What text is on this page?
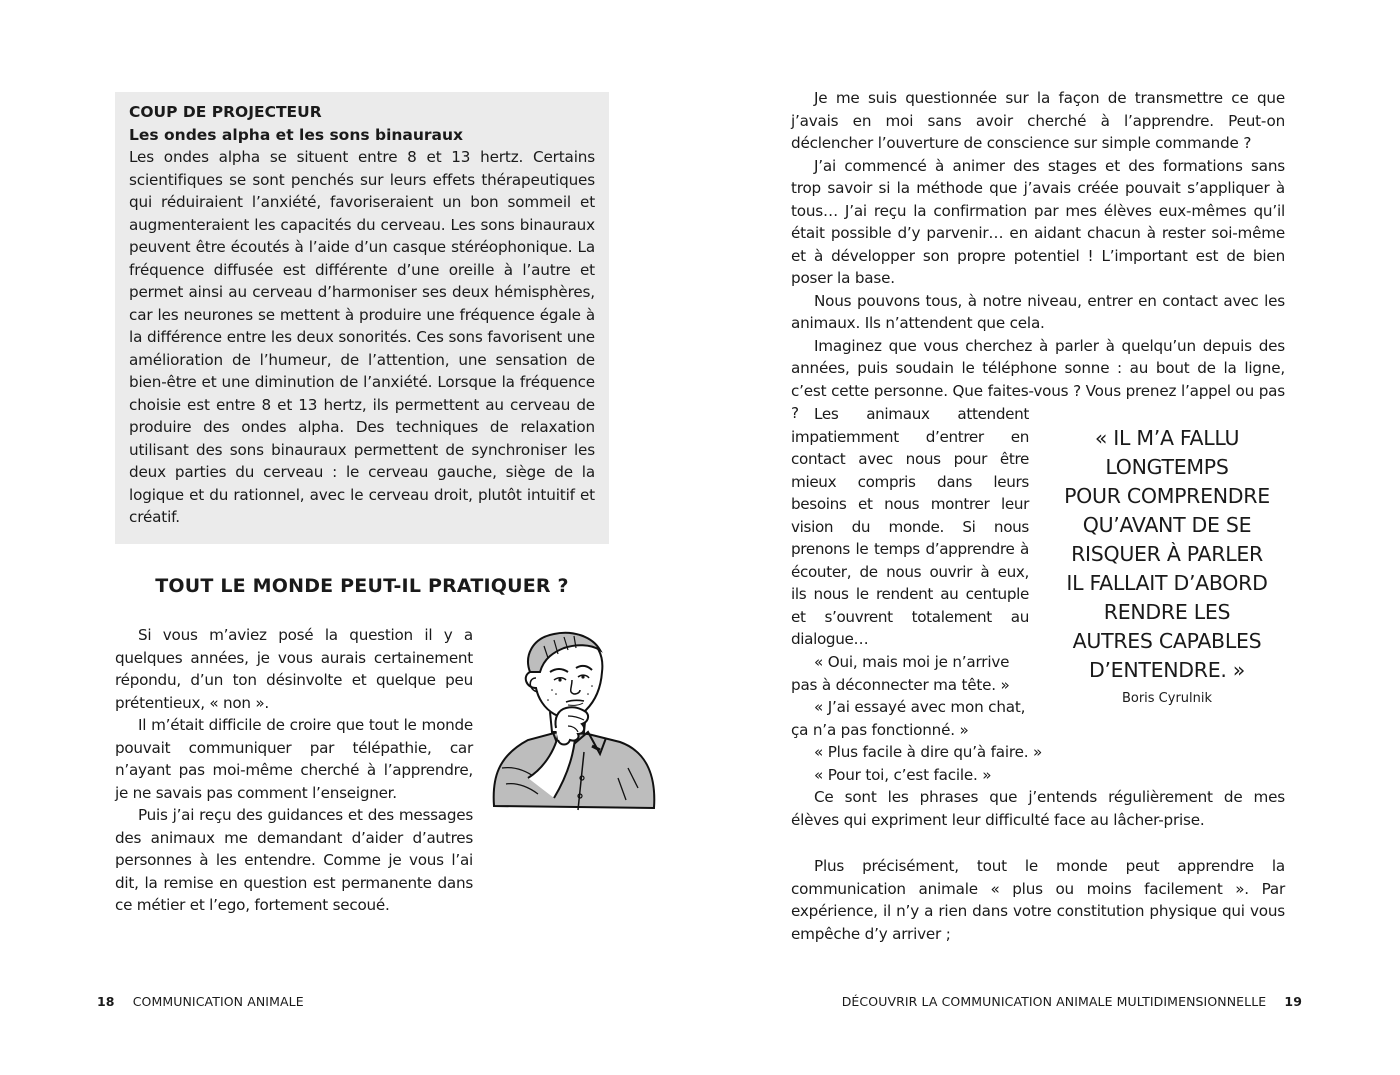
COUP DE PROJECTEUR
Les ondes alpha et les sons binauraux
Les ondes alpha se situent entre 8 et 13 hertz. Certains scientifiques se sont penchés sur leurs effets thérapeutiques qui réduiraient l’anxiété, favoriseraient un bon sommeil et augmenteraient les capacités du cerveau. Les sons binauraux peuvent être écoutés à l’aide d’un casque stéréophonique. La fréquence diffusée est différente d’une oreille à l’autre et permet ainsi au cerveau d’harmoniser ses deux hémisphères, car les neurones se mettent à produire une fréquence égale à la différence entre les deux sonorités. Ces sons favorisent une amélioration de l’humeur, de l’attention, une sensation de bien-être et une diminution de l’anxiété. Lorsque la fréquence choisie est entre 8 et 13 hertz, ils permettent au cerveau de produire des ondes alpha. Des techniques de relaxation utilisant des sons binauraux permettent de synchroniser les deux parties du cerveau : le cerveau gauche, siège de la logique et du rationnel, avec le cerveau droit, plutôt intuitif et créatif.
TOUT LE MONDE PEUT-IL PRATIQUER ?

Si vous m’aviez posé la question il y a quelques années, je vous aurais certainement répondu, d’un ton désinvolte et quelque peu prétentieux, « non ».

Il m’était difficile de croire que tout le monde pouvait communiquer par télépathie, car n’ayant pas moi-même cherché à l’apprendre, je ne savais pas comment l’enseigner.

Puis j’ai reçu des guidances et des messages des animaux me demandant d’aider d’autres personnes à les entendre. Comme je vous l’ai dit, la remise en question est permanente dans ce métier et l’ego, fortement secoué.

18 COMMUNICATION ANIMALE

Je me suis questionnée sur la façon de transmettre ce que j’avais en moi sans avoir cherché à l’apprendre. Peut-on déclencher l’ouverture de conscience sur simple commande ?

J’ai commencé à animer des stages et des formations sans trop savoir si la méthode que j’avais créée pouvait s’appliquer à tous… J’ai reçu la confirmation par mes élèves eux-mêmes qu’il était possible d’y parvenir… en aidant chacun à rester soi-même et à développer son propre potentiel ! L’important est de bien poser la base.

Nous pouvons tous, à notre niveau, entrer en contact avec les animaux. Ils n’attendent que cela.

Imaginez que vous cherchez à parler à quelqu’un depuis des années, puis soudain le téléphone sonne : au bout de la ligne, c’est cette personne. Que faites-vous ? Vous prenez l’appel ou pas ? Les animaux attendent impatiemment d’entrer en contact avec nous pour être mieux compris dans leurs besoins et nous montrer leur vision du monde. Si nous prenons le temps d’apprendre à écouter, de nous ouvrir à eux, ils nous le rendent au centuple et s’ouvrent totalement au dialogue…

« IL M’A FALLU
LONGTEMPS
POUR COMPRENDRE
QU’AVANT DE SE
RISQUER À PARLER
IL FALLAIT D’ABORD
RENDRE LES
AUTRES CAPABLES
D’ENTENDRE. »
Boris Cyrulnik

« Oui, mais moi je n’arrive pas à déconnecter ma tête. »

« J’ai essayé avec mon chat, ça n’a pas fonctionné. »

« Plus facile à dire qu’à faire. »

« Pour toi, c’est facile. »

Ce sont les phrases que j’entends régulièrement de mes élèves qui expriment leur difficulté face au lâcher-prise.

Plus précisément, tout le monde peut apprendre la communication animale « plus ou moins facilement ». Par expérience, il n’y a rien dans votre constitution physique qui vous empêche d’y arriver ;

DÉCOUVRIR LA COMMUNICATION ANIMALE MULTIDIMENSIONNELLE 19
